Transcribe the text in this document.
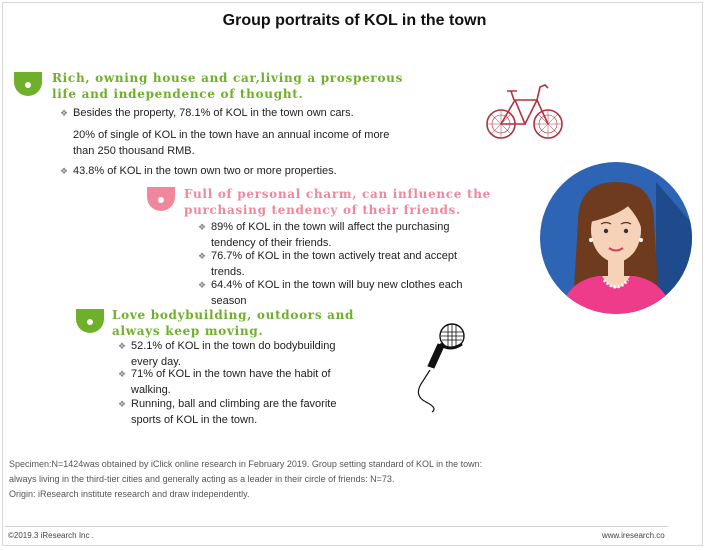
Group portraits of KOL in the town
Rich, owning house and car,living a prosperous
life and independence of thought.
❖ Besides the property, 78.1% of KOL in the town own cars.
20% of single of KOL in the town have an annual income of more
than 250 thousand RMB.
❖ 43.8% of KOL in the town own two or more properties.
Full of personal charm, can influence the
purchasing tendency of their friends.
❖ 89% of KOL in the town will affect the purchasing
tendency of their friends.
❖ 76.7% of KOL in the town actively treat and accept
trends.
❖ 64.4% of KOL in the town will buy new clothes each
season
Love bodybuilding, outdoors and
always keep moving.
❖ 52.1% of KOL in the town do bodybuilding
every day.
❖ 71% of KOL in the town have the habit of
walking.
❖ Running, ball and climbing are the favorite
sports of KOL in the town.
Specimen:N=1424was obtained by iClick online research in February 2019. Group setting standard of KOL in the town:
always living in the third-tier cities and generally acting as a leader in their circle of friends: N=73.
Origin: iResearch institute research and draw independently.
©2019.3 iResearch Inc .	www.iresearch.co
